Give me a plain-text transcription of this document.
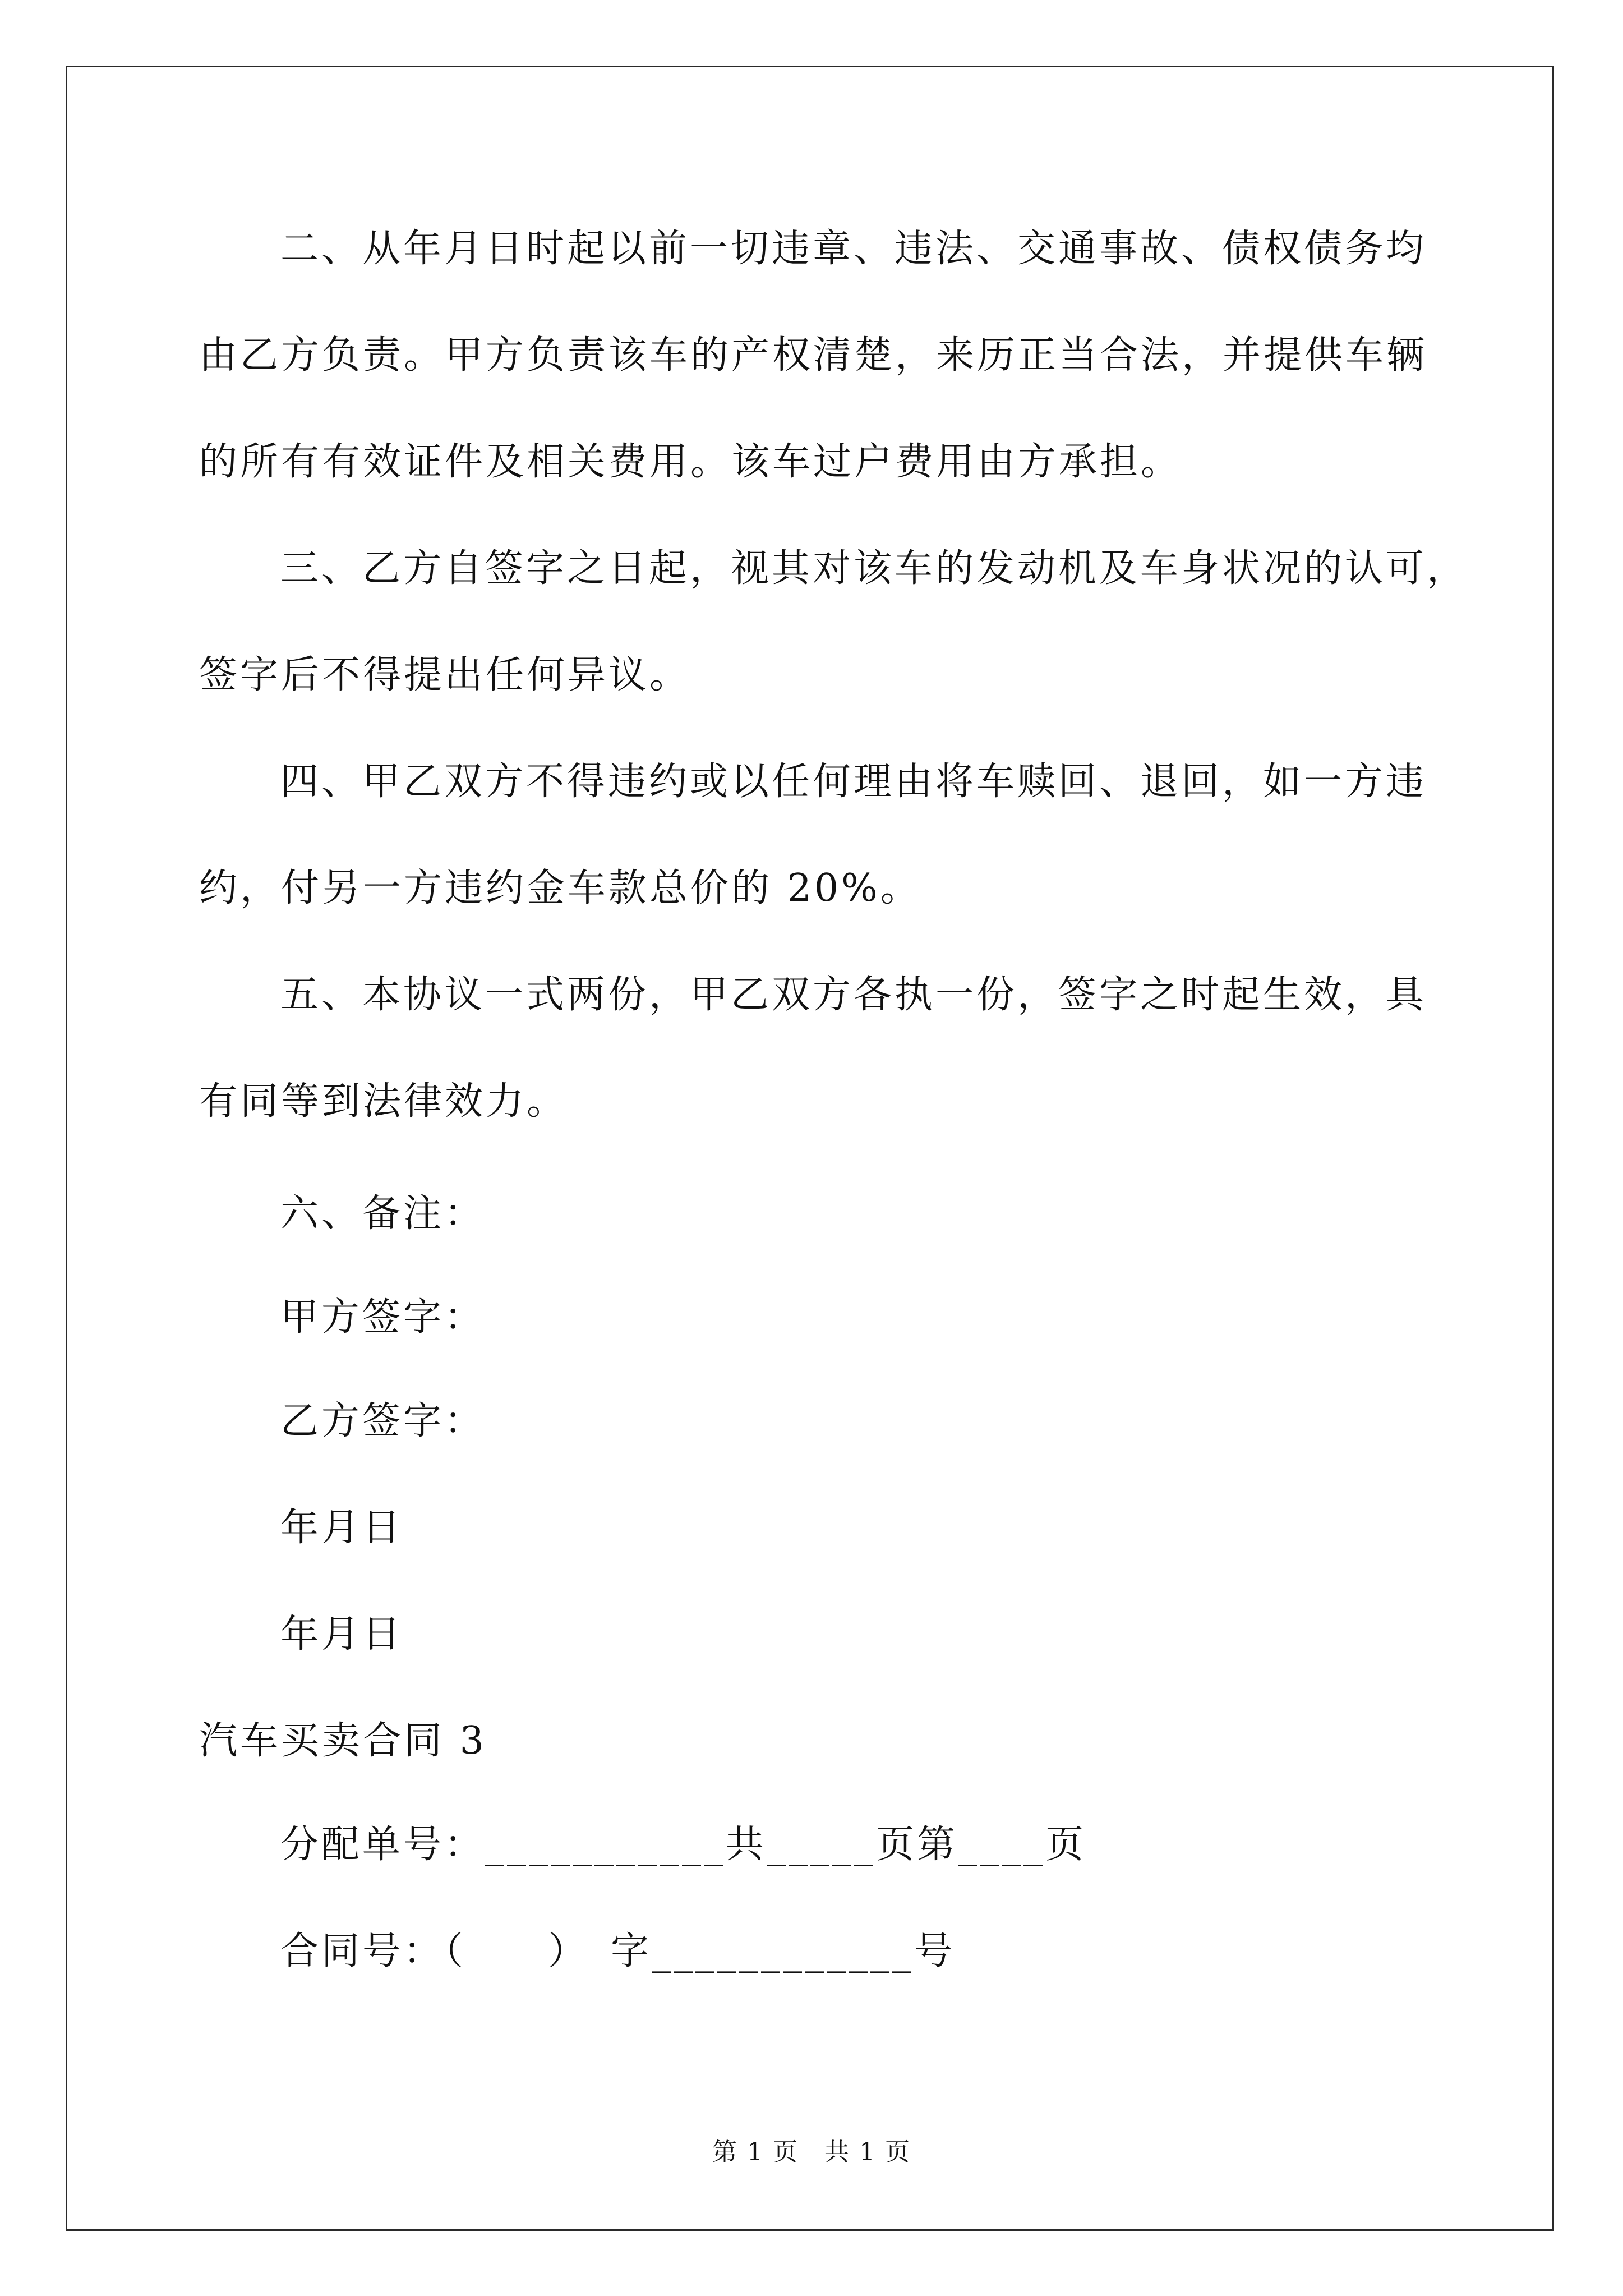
二、从年月日时起以前一切违章、违法、交通事故、债权债务均
由乙方负责。甲方负责该车的产权清楚，来历正当合法，并提供车辆
的所有有效证件及相关费用。该车过户费用由方承担。
三、乙方自签字之日起，视其对该车的发动机及车身状况的认可，
签字后不得提出任何异议。
四、甲乙双方不得违约或以任何理由将车赎回、退回，如一方违
约，付另一方违约金车款总价的 20%。
五、本协议一式两份，甲乙双方各执一份，签字之时起生效，具
有同等到法律效力。
六、备注：
甲方签字：
乙方签字：
年月日
年月日
汽车买卖合同 3
分配单号：___________共_____页第____页
合同号：（　　）　字____________号
第 1 页　共 1 页
